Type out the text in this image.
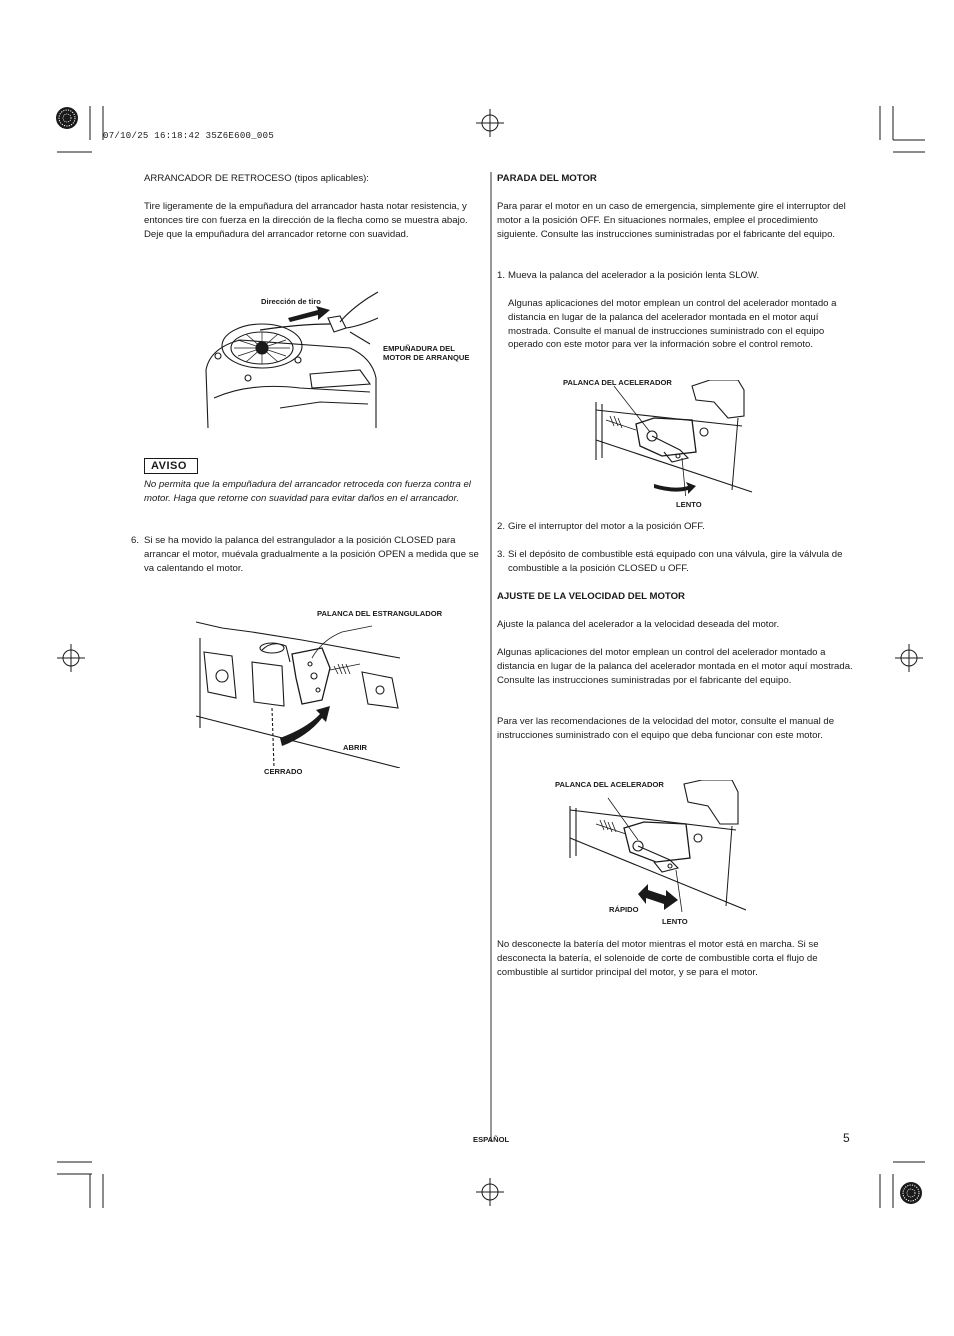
07/10/25 16:18:42 35Z6E600_005
ARRANCADOR DE RETROCESO (tipos aplicables):
Tire ligeramente de la empuñadura del arrancador hasta notar resistencia, y entonces tire con fuerza en la dirección de la flecha como se muestra abajo. Deje que la empuñadura del arrancador retorne con suavidad.
Dirección de tiro
EMPUÑADURA DEL
MOTOR DE ARRANQUE
AVISO
No permita que la empuñadura del arrancador retroceda con fuerza contra el motor. Haga que retorne con suavidad para evitar daños en el arrancador.
6. Si se ha movido la palanca del estrangulador a la posición CLOSED para arrancar el motor, muévala gradualmente a la posición OPEN a medida que se va calentando el motor.
PALANCA DEL ESTRANGULADOR
ABRIR
CERRADO
PARADA DEL MOTOR
Para parar el motor en un caso de emergencia, simplemente gire el interruptor del motor a la posición OFF. En situaciones normales, emplee el procedimiento siguiente. Consulte las instrucciones suministradas por el fabricante del equipo.
1. Mueva la palanca del acelerador a la posición lenta SLOW.
Algunas aplicaciones del motor emplean un control del acelerador montado a distancia en lugar de la palanca del acelerador montada en el motor aquí mostrada. Consulte el manual de instrucciones suministrado con el equipo operado con este motor para ver la información sobre el control remoto.
PALANCA DEL ACELERADOR
LENTO
2. Gire el interruptor del motor a la posición OFF.
3. Si el depósito de combustible está equipado con una válvula, gire la válvula de combustible a la posición CLOSED u OFF.
AJUSTE DE LA VELOCIDAD DEL MOTOR
Ajuste la palanca del acelerador a la velocidad deseada del motor.
Algunas aplicaciones del motor emplean un control del acelerador montado a distancia en lugar de la palanca del acelerador montada en el motor aquí mostrada. Consulte las instrucciones suministradas por el fabricante del equipo.
Para ver las recomendaciones de la velocidad del motor, consulte el manual de instrucciones suministrado con el equipo que deba funcionar con este motor.
PALANCA DEL ACELERADOR
RÁPIDO
LENTO
No desconecte la batería del motor mientras el motor está en marcha. Si se desconecta la batería, el solenoide de corte de combustible corta el flujo de combustible al surtidor principal del motor, y se para el motor.
ESPAÑOL	5
